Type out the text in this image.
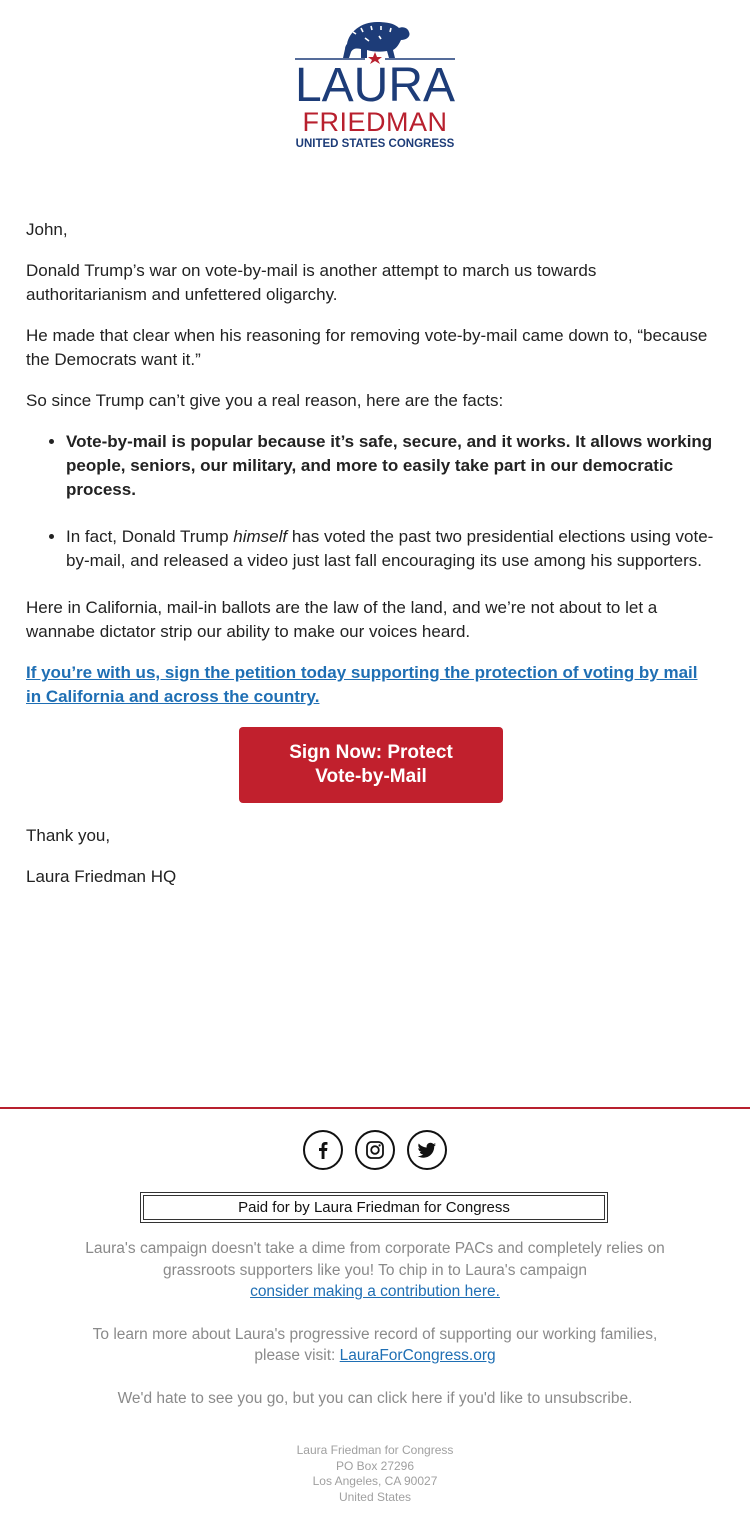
LAURA
FRIEDMAN
UNITED STATES CONGRESS

John,

Donald Trump’s war on vote-by-mail is another attempt to march us towards authoritarianism and unfettered oligarchy.

He made that clear when his reasoning for removing vote-by-mail came down to, “because the Democrats want it.”

So since Trump can’t give you a real reason, here are the facts:

• Vote-by-mail is popular because it’s safe, secure, and it works. It allows working people, seniors, our military, and more to easily take part in our democratic process.
• In fact, Donald Trump himself has voted the past two presidential elections using vote-by-mail, and released a video just last fall encouraging its use among his supporters.

Here in California, mail-in ballots are the law of the land, and we’re not about to let a wannabe dictator strip our ability to make our voices heard.

If you’re with us, sign the petition today supporting the protection of voting by mail in California and across the country.

Sign Now: Protect
Vote-by-Mail

Thank you,

Laura Friedman HQ

Paid for by Laura Friedman for Congress

Laura's campaign doesn't take a dime from corporate PACs and completely relies on grassroots supporters like you! To chip in to Laura's campaign
consider making a contribution here.

To learn more about Laura's progressive record of supporting our working families, please visit: LauraForCongress.org

We'd hate to see you go, but you can click here if you'd like to unsubscribe.

Laura Friedman for Congress
PO Box 27296
Los Angeles, CA 90027
United States
